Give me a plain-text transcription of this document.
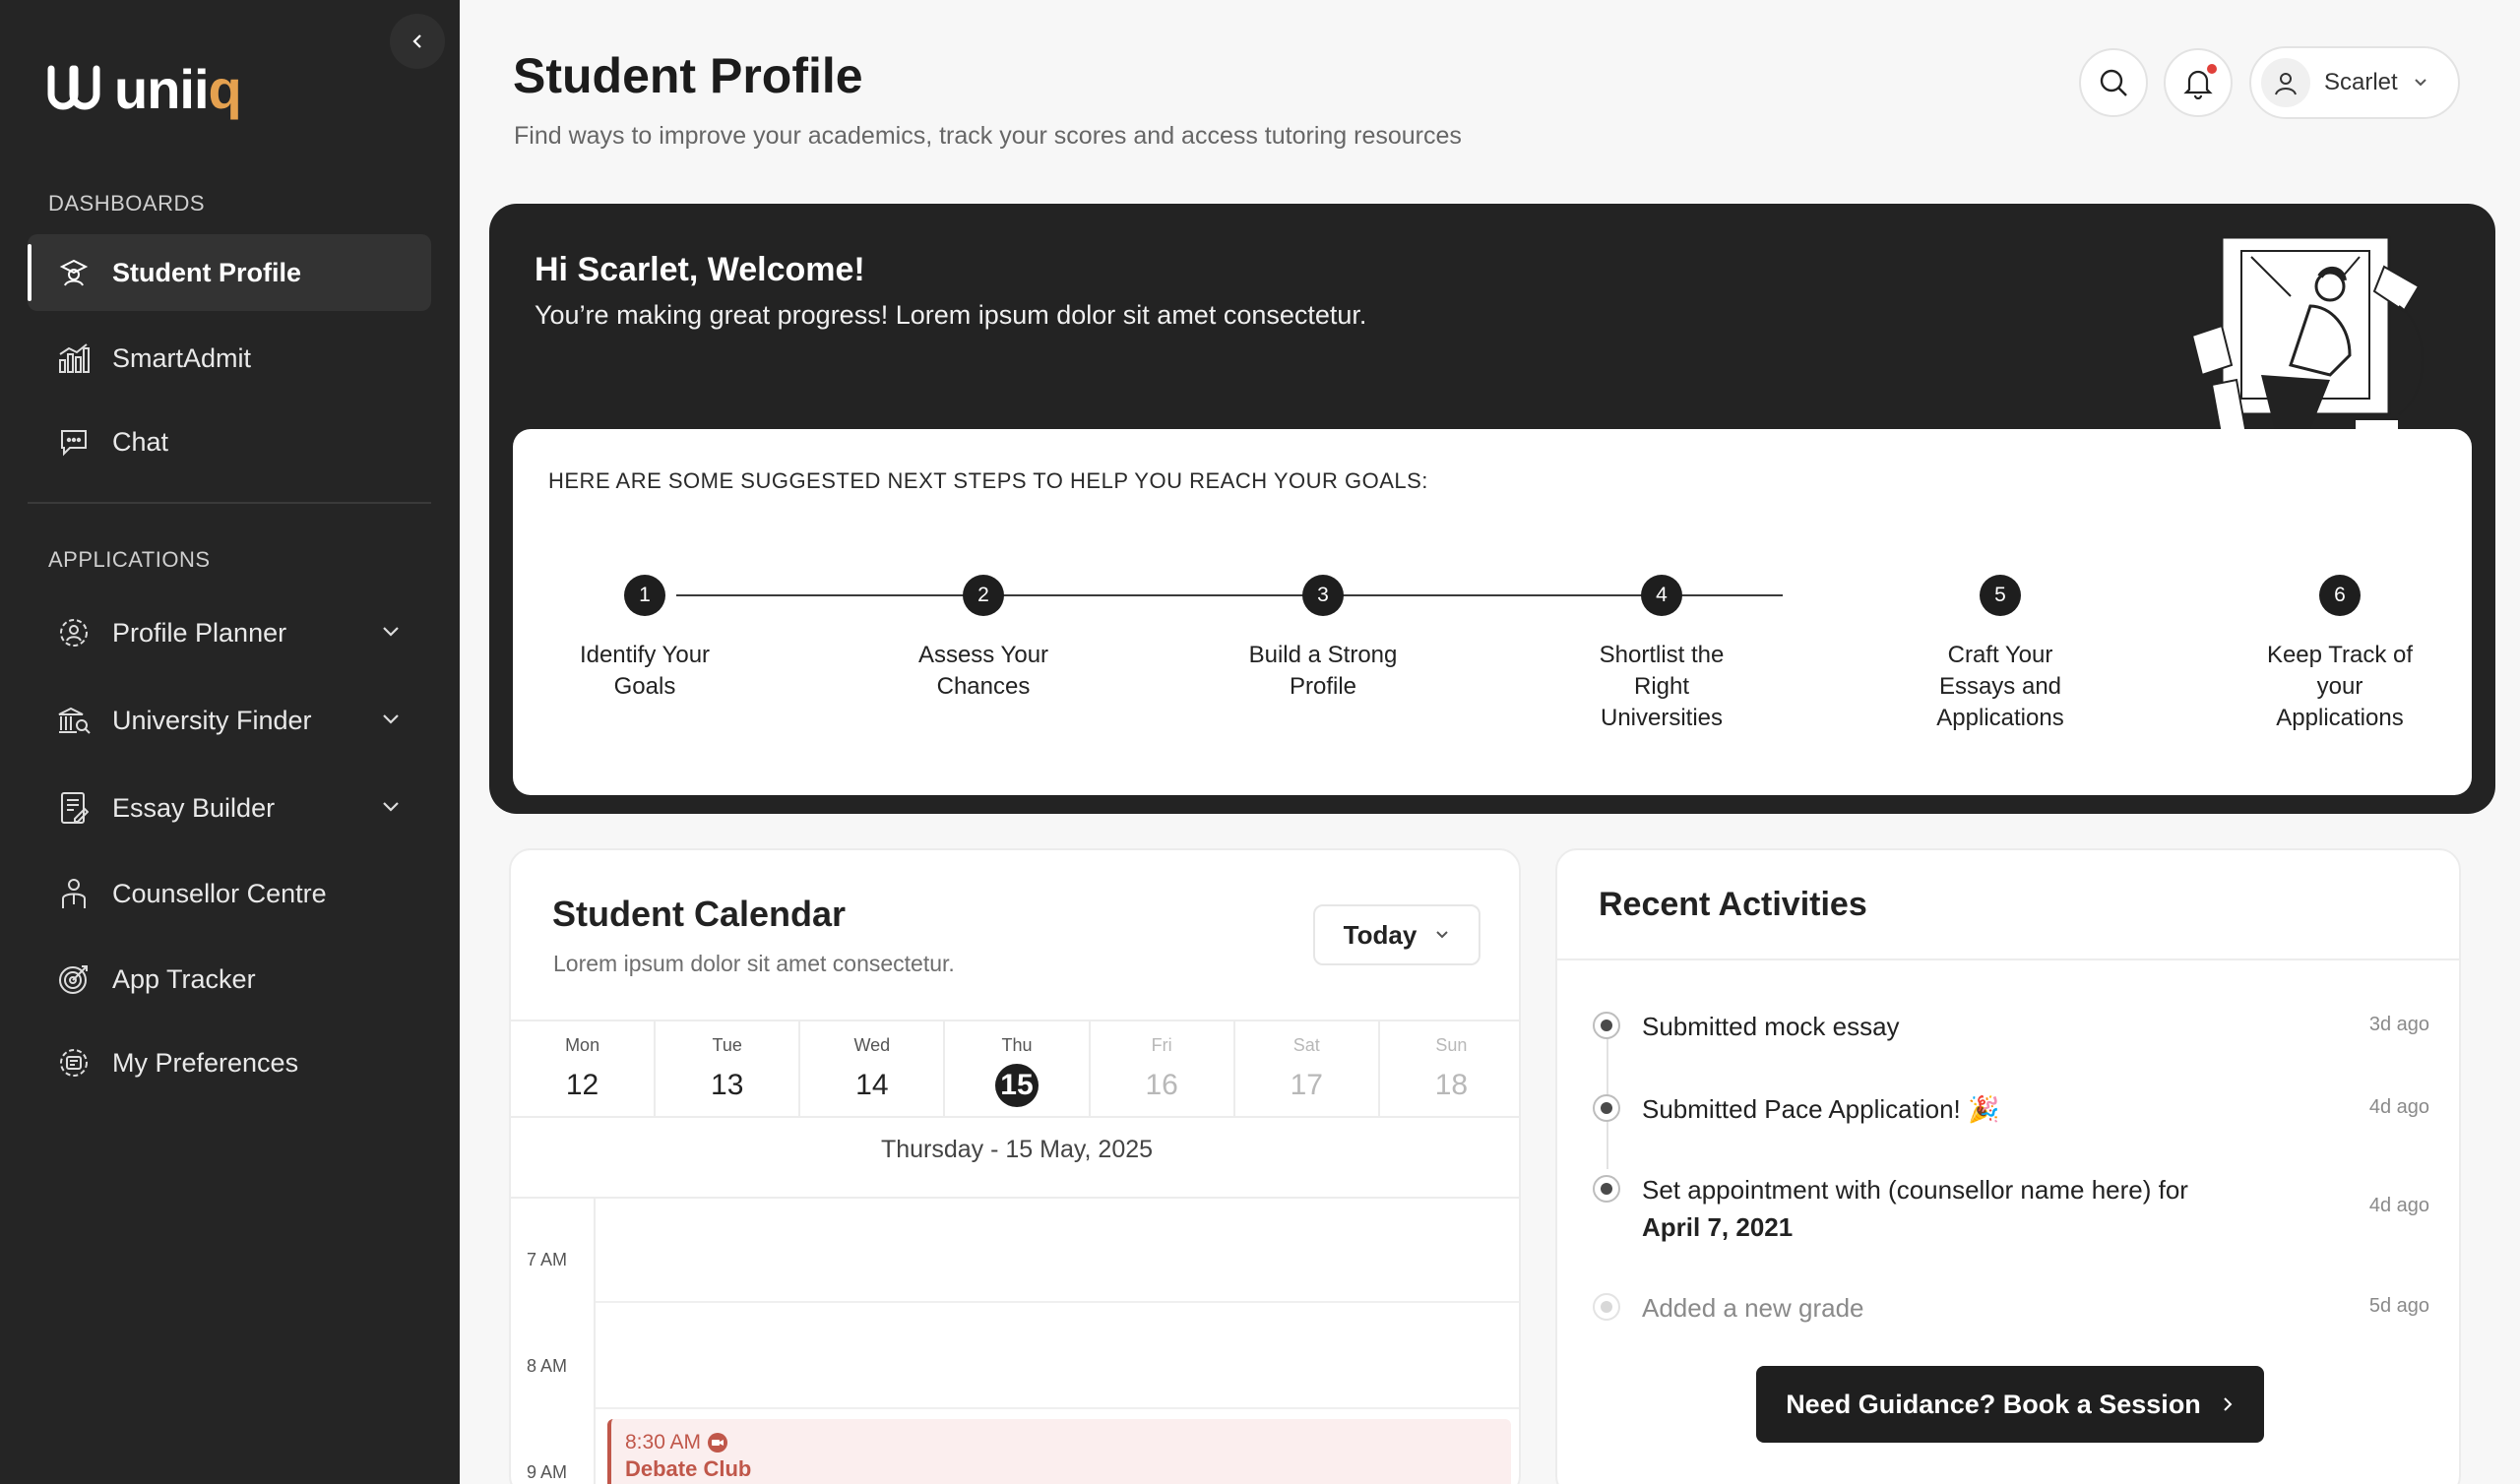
uniiq
DASHBOARDS
Student Profile
SmartAdmit
Chat
APPLICATIONS
Profile Planner
University Finder
Essay Builder
Counsellor Centre
App Tracker
My Preferences
Student Profile

Find ways to improve your academics, track your scores and access tutoring resources

Scarlet
Hi Scarlet, Welcome!

You’re making great progress! Lorem ipsum dolor sit amet consectetur.

HERE ARE SOME SUGGESTED NEXT STEPS TO HELP YOU REACH YOUR GOALS:

1
Identify Your Goals
2
Assess Your Chances
3
Build a Strong Profile
4
Shortlist the Right Universities
5
Craft Your Essays and Applications
6
Keep Track of your Applications
Student Calendar

Lorem ipsum dolor sit amet consectetur.

Today
Mon
12
Tue
13
Wed
14
Thu
15
Fri
16
Sat
17
Sun
18
Thursday - 15 May, 2025
7 AM
8 AM
9 AM
8:30 AM
Debate Club
Recent Activities
Submitted mock essay	3d ago
Submitted Pace Application! 🎉	4d ago
Set appointment with (counsellor name here) for
April 7, 2021
4d ago
Added a new grade	5d ago
Need Guidance? Book a Session
